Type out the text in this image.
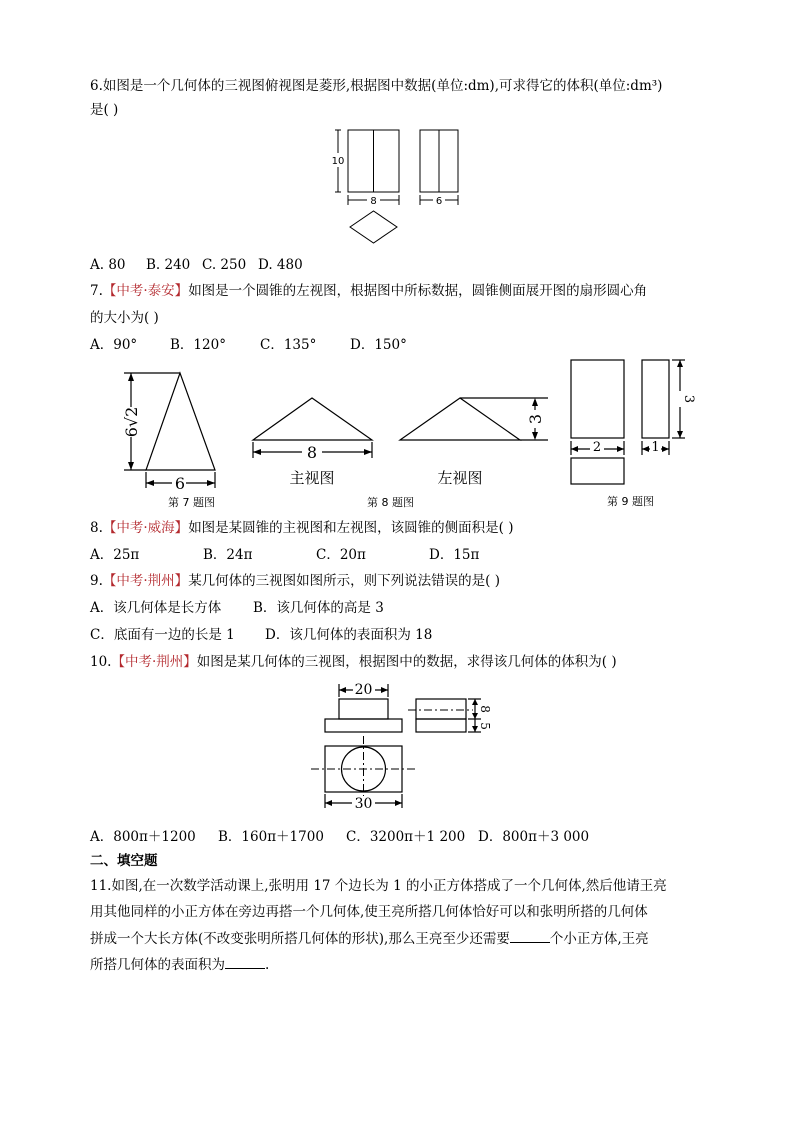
6.如图是一个几何体的三视图俯视图是菱形,根据图中数据(单位:dm),可求得它的体积(单位:dm³)
是( )
10
8	6
A. 80 B. 240 C. 250 D. 480
7.【中考·泰安】如图是一个圆锥的左视图，根据图中所标数据，圆锥侧面展开图的扇形圆心角
的大小为( )
A．90° B．120°	C．135° D．150°
6√2
6
第 7 题图
8
3
主视图	左视图
第 8 题图
2	1
3
第 9 题图
8.【中考·威海】如图是某圆锥的主视图和左视图，该圆锥的侧面积是( )
A．25π	B．24π	C．20π	D．15π
9.【中考·荆州】某几何体的三视图如图所示，则下列说法错误的是( )
A．该几何体是长方体 B．该几何体的高是 3
C．底面有一边的长是 1 D．该几何体的表面积为 18
10.【中考·荆州】如图是某几何体的三视图，根据图中的数据，求得该几何体的体积为( )
20
30
5
8
A．800π＋1200 B．160π＋1700 C．3200π＋1 200 D．800π＋3 000
二、填空题
11.如图,在一次数学活动课上,张明用 17 个边长为 1 的小正方体搭成了一个几何体,然后他请王亮
用其他同样的小正方体在旁边再搭一个几何体,使王亮所搭几何体恰好可以和张明所搭的几何体
拼成一个大长方体(不改变张明所搭几何体的形状),那么王亮至少还需要	个小正方体,王亮
所搭几何体的表面积为	.
